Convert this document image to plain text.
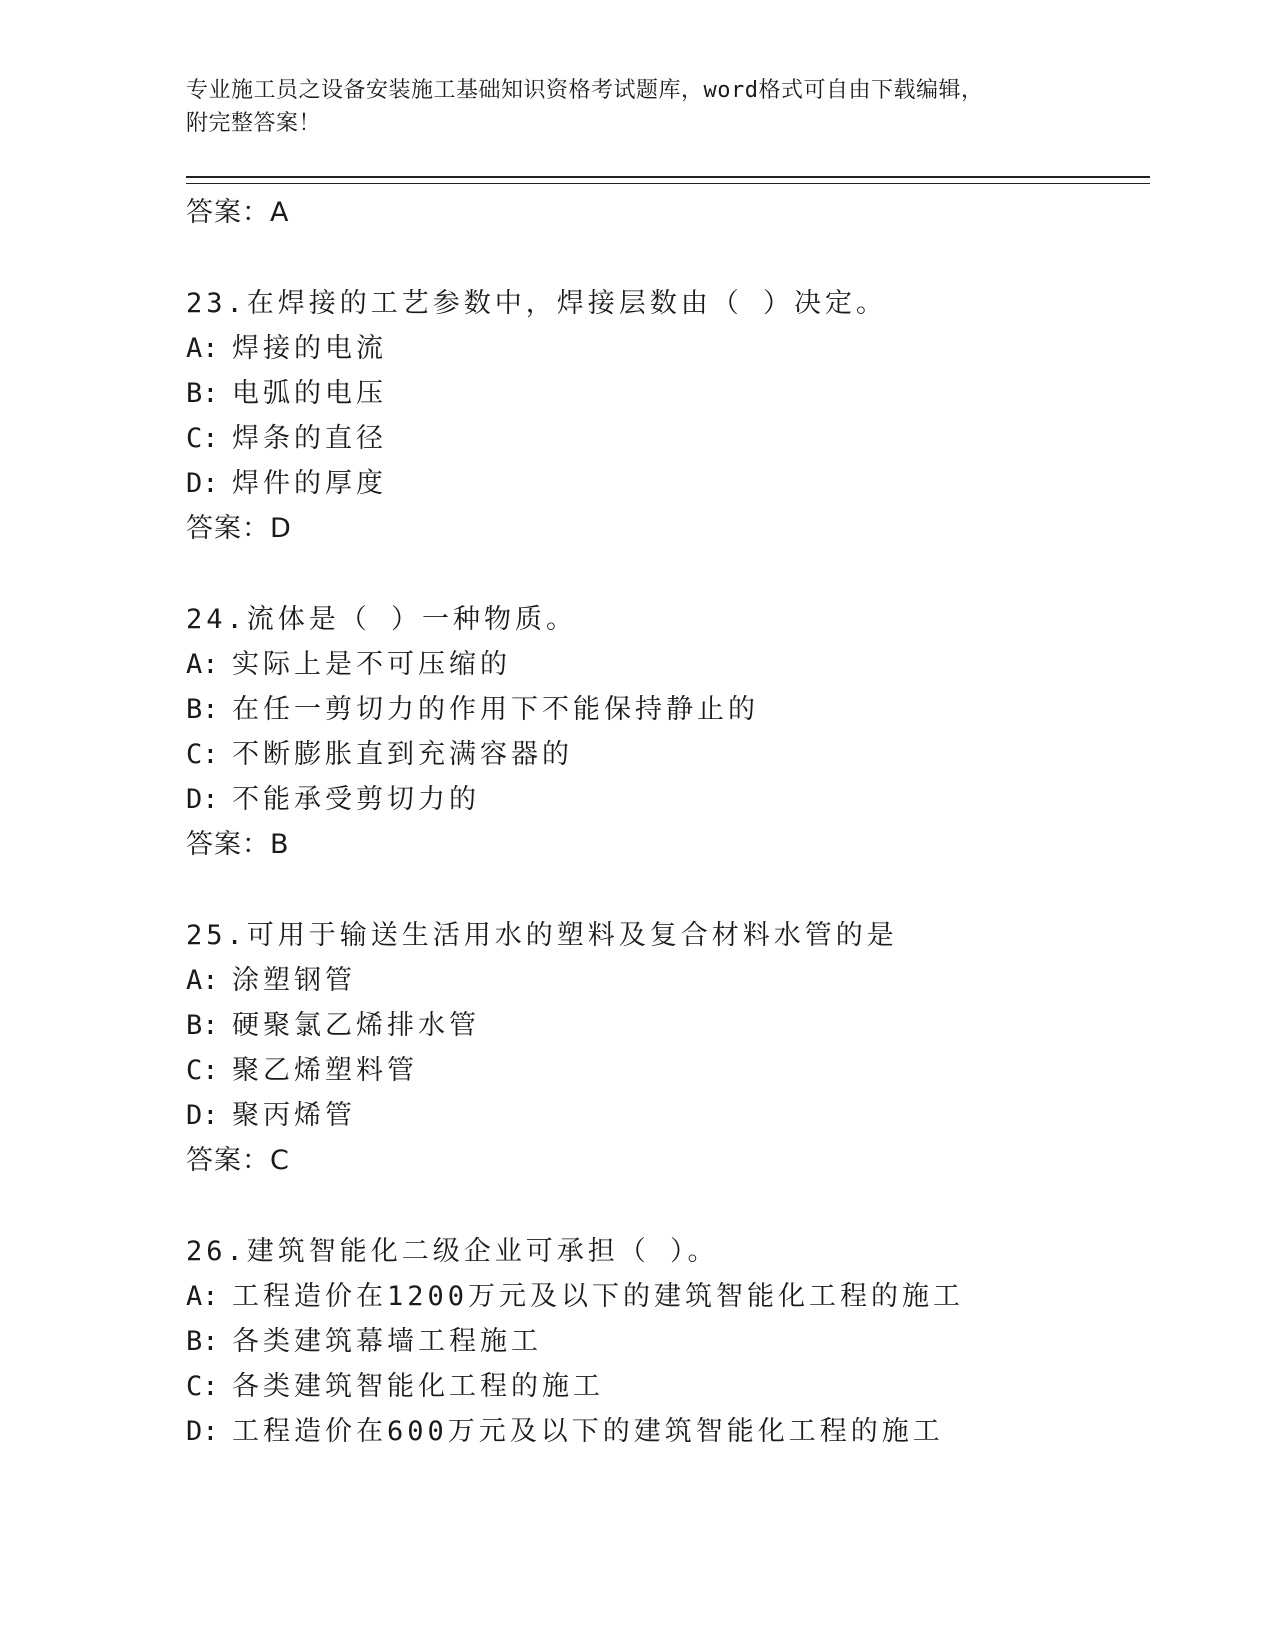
专业施工员之设备安装施工基础知识资格考试题库，word格式可自由下载编辑，
附完整答案！
答案：A
23.在焊接的工艺参数中，焊接层数由（ ）决定。
A: 焊接的电流
B: 电弧的电压
C: 焊条的直径
D: 焊件的厚度
答案：D
24.流体是（ ）一种物质。
A: 实际上是不可压缩的
B: 在任一剪切力的作用下不能保持静止的
C: 不断膨胀直到充满容器的
D: 不能承受剪切力的
答案：B
25.可用于输送生活用水的塑料及复合材料水管的是
A: 涂塑钢管
B: 硬聚氯乙烯排水管
C: 聚乙烯塑料管
D: 聚丙烯管
答案：C
26.建筑智能化二级企业可承担（ ）。
A: 工程造价在1200万元及以下的建筑智能化工程的施工
B: 各类建筑幕墙工程施工
C: 各类建筑智能化工程的施工
D: 工程造价在600万元及以下的建筑智能化工程的施工
